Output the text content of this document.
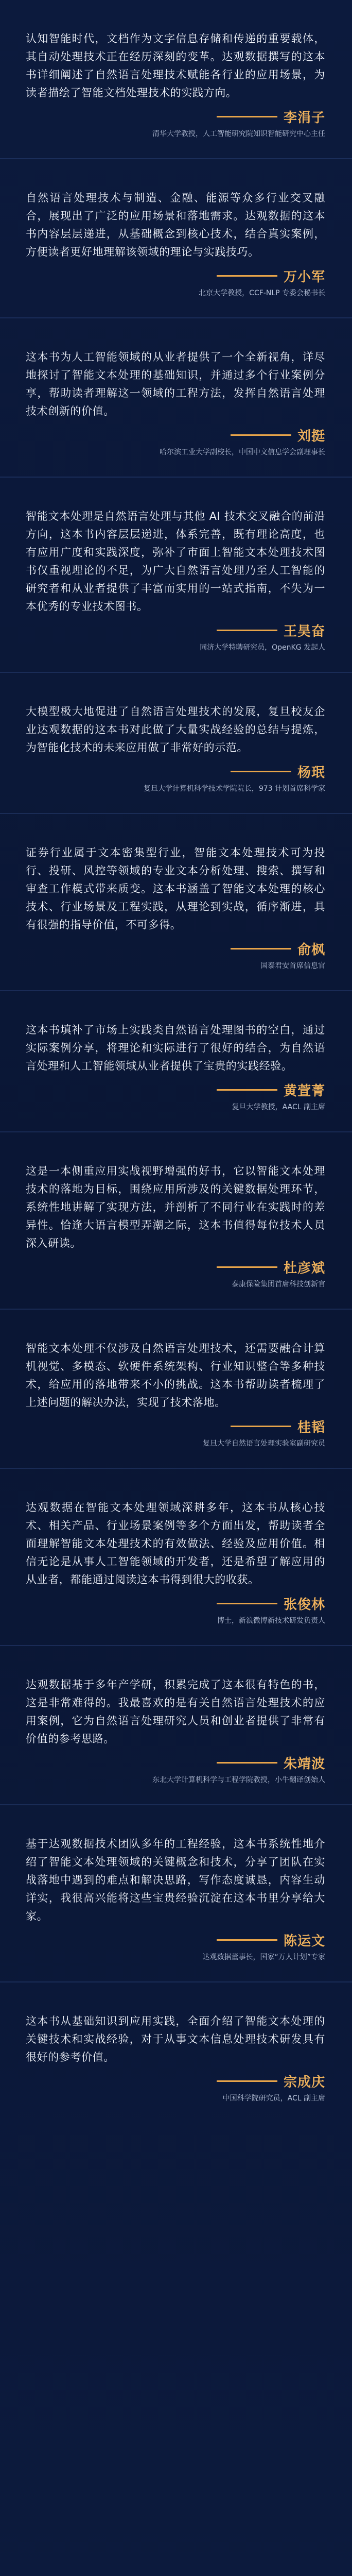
认知智能时代，文档作为文字信息存储和传递的重要载体，其自动处理技术正在经历深刻的变革。达观数据撰写的这本书详细阐述了自然语言处理技术赋能各行业的应用场景，为读者描绘了智能文档处理技术的实践方向。

李涓子
清华大学教授，人工智能研究院知识智能研究中心主任

自然语言处理技术与制造、金融、能源等众多行业交叉融合，展现出了广泛的应用场景和落地需求。达观数据的这本书内容层层递进，从基础概念到核心技术，结合真实案例，方便读者更好地理解该领域的理论与实践技巧。

万小军
北京大学教授，CCF-NLP 专委会秘书长

这本书为人工智能领域的从业者提供了一个全新视角，详尽地探讨了智能文本处理的基础知识，并通过多个行业案例分享，帮助读者理解这一领域的工程方法，发挥自然语言处理技术创新的价值。

刘挺
哈尔滨工业大学副校长，中国中文信息学会副理事长

智能文本处理是自然语言处理与其他 AI 技术交叉融合的前沿方向，这本书内容层层递进，体系完善，既有理论高度，也有应用广度和实践深度，弥补了市面上智能文本处理技术图书仅重视理论的不足，为广大自然语言处理乃至人工智能的研究者和从业者提供了丰富而实用的一站式指南，不失为一本优秀的专业技术图书。

王昊奋
同济大学特聘研究员，OpenKG 发起人

大模型极大地促进了自然语言处理技术的发展，复旦校友企业达观数据的这本书对此做了大量实战经验的总结与提炼，为智能化技术的未来应用做了非常好的示范。

杨珉
复旦大学计算机科学技术学院院长，973 计划首席科学家

证券行业属于文本密集型行业，智能文本处理技术可为投行、投研、风控等领域的专业文本分析处理、搜索、撰写和审查工作模式带来质变。这本书涵盖了智能文本处理的核心技术、行业场景及工程实践，从理论到实战，循序渐进，具有很强的指导价值，不可多得。

俞枫
国泰君安首席信息官

这本书填补了市场上实践类自然语言处理图书的空白，通过实际案例分享，将理论和实际进行了很好的结合，为自然语言处理和人工智能领域从业者提供了宝贵的实践经验。

黄萱菁
复旦大学教授，AACL 副主席

这是一本侧重应用实战视野增强的好书，它以智能文本处理技术的落地为目标，围绕应用所涉及的关键数据处理环节，系统性地讲解了实现方法，并剖析了不同行业在实践时的差异性。恰逢大语言模型弄潮之际，这本书值得每位技术人员深入研读。

杜彦斌
泰康保险集团首席科技创新官

智能文本处理不仅涉及自然语言处理技术，还需要融合计算机视觉、多模态、软硬件系统架构、行业知识整合等多种技术，给应用的落地带来不小的挑战。这本书帮助读者梳理了上述问题的解决办法，实现了技术落地。

桂韬
复旦大学自然语言处理实验室副研究员

达观数据在智能文本处理领域深耕多年，这本书从核心技术、相关产品、行业场景案例等多个方面出发，帮助读者全面理解智能文本处理技术的有效做法、经验及应用价值。相信无论是从事人工智能领域的开发者，还是希望了解应用的从业者，都能通过阅读这本书得到很大的收获。

张俊林
博士，新浪微博新技术研发负责人

达观数据基于多年产学研，积累完成了这本很有特色的书，这是非常难得的。我最喜欢的是有关自然语言处理技术的应用案例，它为自然语言处理研究人员和创业者提供了非常有价值的参考思路。

朱靖波
东北大学计算机科学与工程学院教授，小牛翻译创始人

基于达观数据技术团队多年的工程经验，这本书系统性地介绍了智能文本处理领域的关键概念和技术，分享了团队在实战落地中遇到的难点和解决思路，写作态度诚恳，内容生动详实，我很高兴能将这些宝贵经验沉淀在这本书里分享给大家。

陈运文
达观数据董事长，国家“万人计划”专家

这本书从基础知识到应用实践，全面介绍了智能文本处理的关键技术和实战经验，对于从事文本信息处理技术研发具有很好的参考价值。

宗成庆
中国科学院研究员，ACL 副主席
